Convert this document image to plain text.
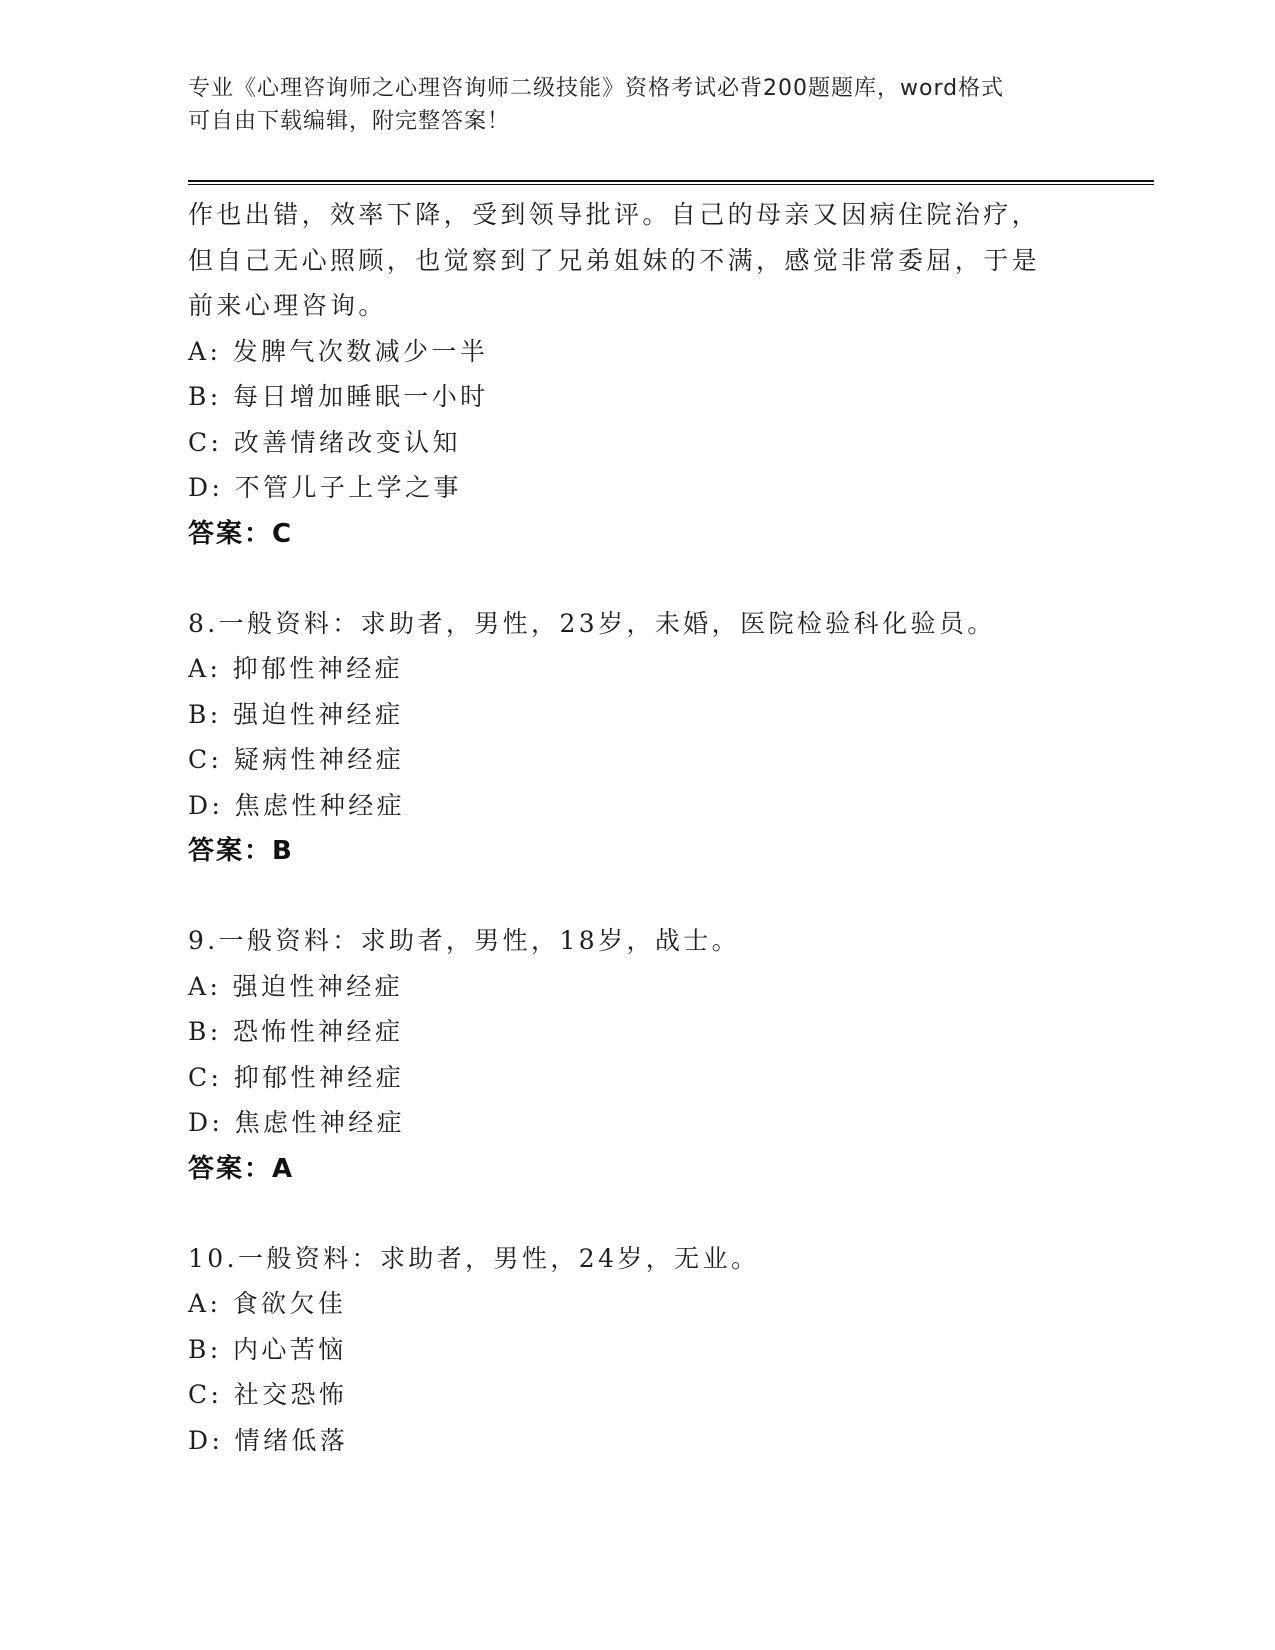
专业《心理咨询师之心理咨询师二级技能》资格考试必背200题题库，word格式
可自由下载编辑，附完整答案！
作也出错，效率下降，受到领导批评。自己的母亲又因病住院治疗，
但自己无心照顾，也觉察到了兄弟姐妹的不满，感觉非常委屈，于是
前来心理咨询。
A: 发脾气次数减少一半
B: 每日增加睡眠一小时
C: 改善情绪改变认知
D: 不管儿子上学之事
答案：C
8.一般资料：求助者，男性，23岁，未婚，医院检验科化验员。
A: 抑郁性神经症
B: 强迫性神经症
C: 疑病性神经症
D: 焦虑性种经症
答案：B
9.一般资料：求助者，男性，18岁，战士。
A: 强迫性神经症
B: 恐怖性神经症
C: 抑郁性神经症
D: 焦虑性神经症
答案：A
10.一般资料：求助者，男性，24岁，无业。
A: 食欲欠佳
B: 内心苦恼
C: 社交恐怖
D: 情绪低落
